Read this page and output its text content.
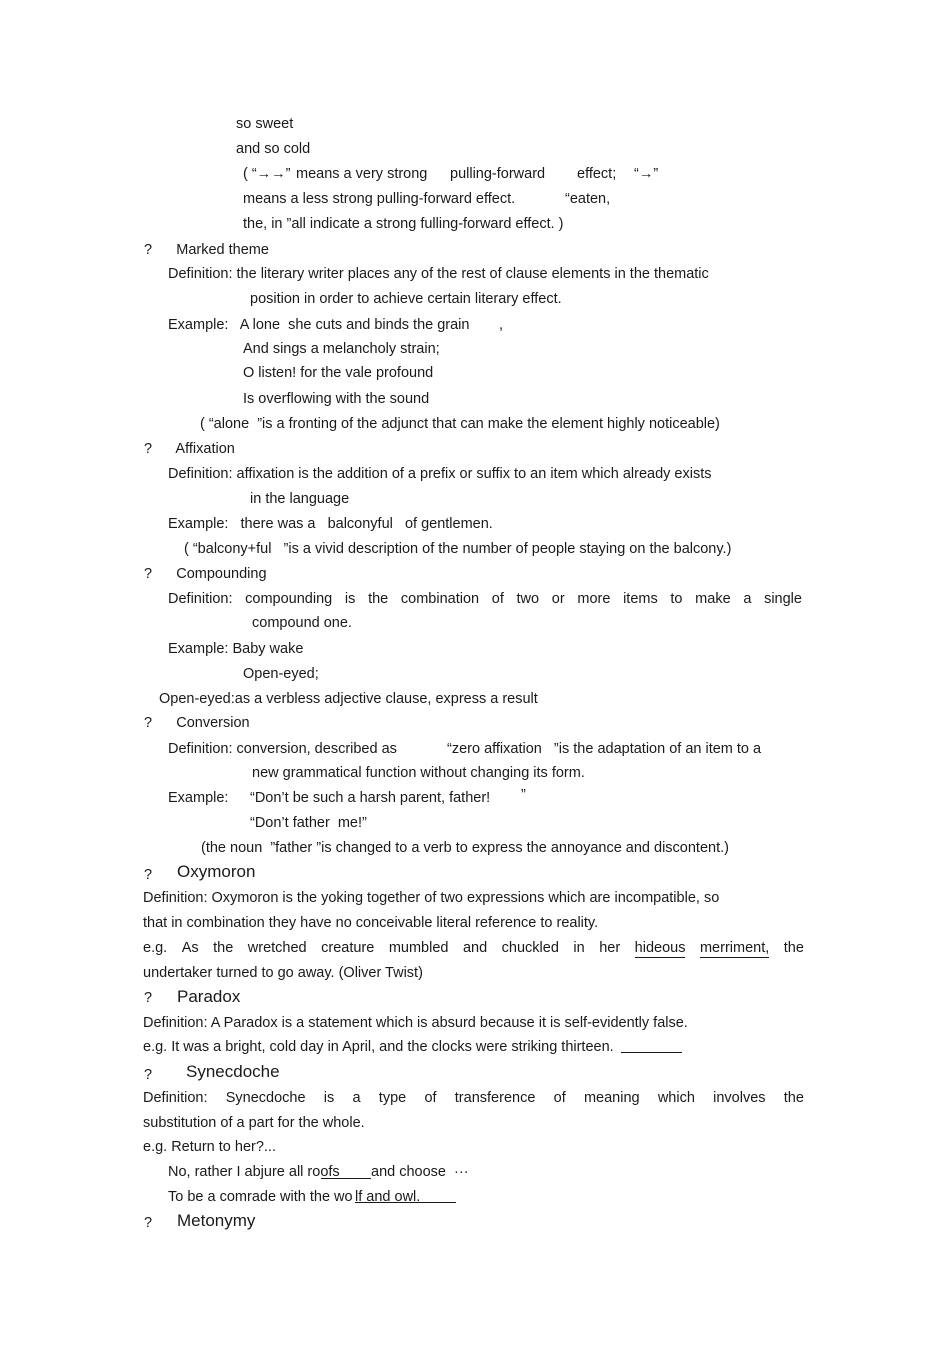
so sweet
and so cold
( “→→” means a very strong pulling-forward effect; “→”
means a less strong pulling-forward effect.	“eaten,
the, in ”all indicate a strong fulling-forward effect. )
?      Marked theme
Definition: the literary writer places any of the rest of clause elements in the thematic
position in order to achieve certain literary effect.
Example:   A lone  she cuts and binds the grain ,
And sings a melancholy strain;
O listen! for the vale profound
Is overflowing with the sound
( “alone  ”is a fronting of the adjunct that can make the element highly noticeable)
?      Affixation
Definition: affixation is the addition of a prefix or suffix to an item which already exists
in the language
Example:   there was a   balconyful   of gentlemen.
( “balcony+ful   ”is a vivid description of the number of people staying on the balcony.)
?      Compounding
Definition: compounding is the combination of two or more items to make a single
compound one.
Example: Baby wake
Open-eyed;
Open-eyed:as a verbless adjective clause, express a result
?      Conversion
Definition: conversion, described as	“zero affixation   ”is the adaptation of an item to a
new grammatical function without changing its form.
Example: “Don’t be such a harsh parent, father! ”
“Don’t father  me!”
(the noun  ”father ”is changed to a verb to express the annoyance and discontent.)
? Oxymoron
Definition: Oxymoron is the yoking together of two expressions which are incompatible, so
that in combination they have no conceivable literal reference to reality.
e.g. As the wretched creature mumbled and chuckled in her hideous merriment, the
undertaker turned to go away. (Oliver Twist)
? Paradox
Definition: A Paradox is a statement which is absurd because it is self-evidently false.
e.g. It was a bright, cold day in April, and the clocks were striking thirteen.
? Synecdoche
Definition: Synecdoche is a type of transference of meaning which involves the
substitution of a part for the whole.
e.g. Return to her?...
No, rather I abjure all roofs and choose  ···
To be a comrade with the wo lf and owl.
? Metonymy
